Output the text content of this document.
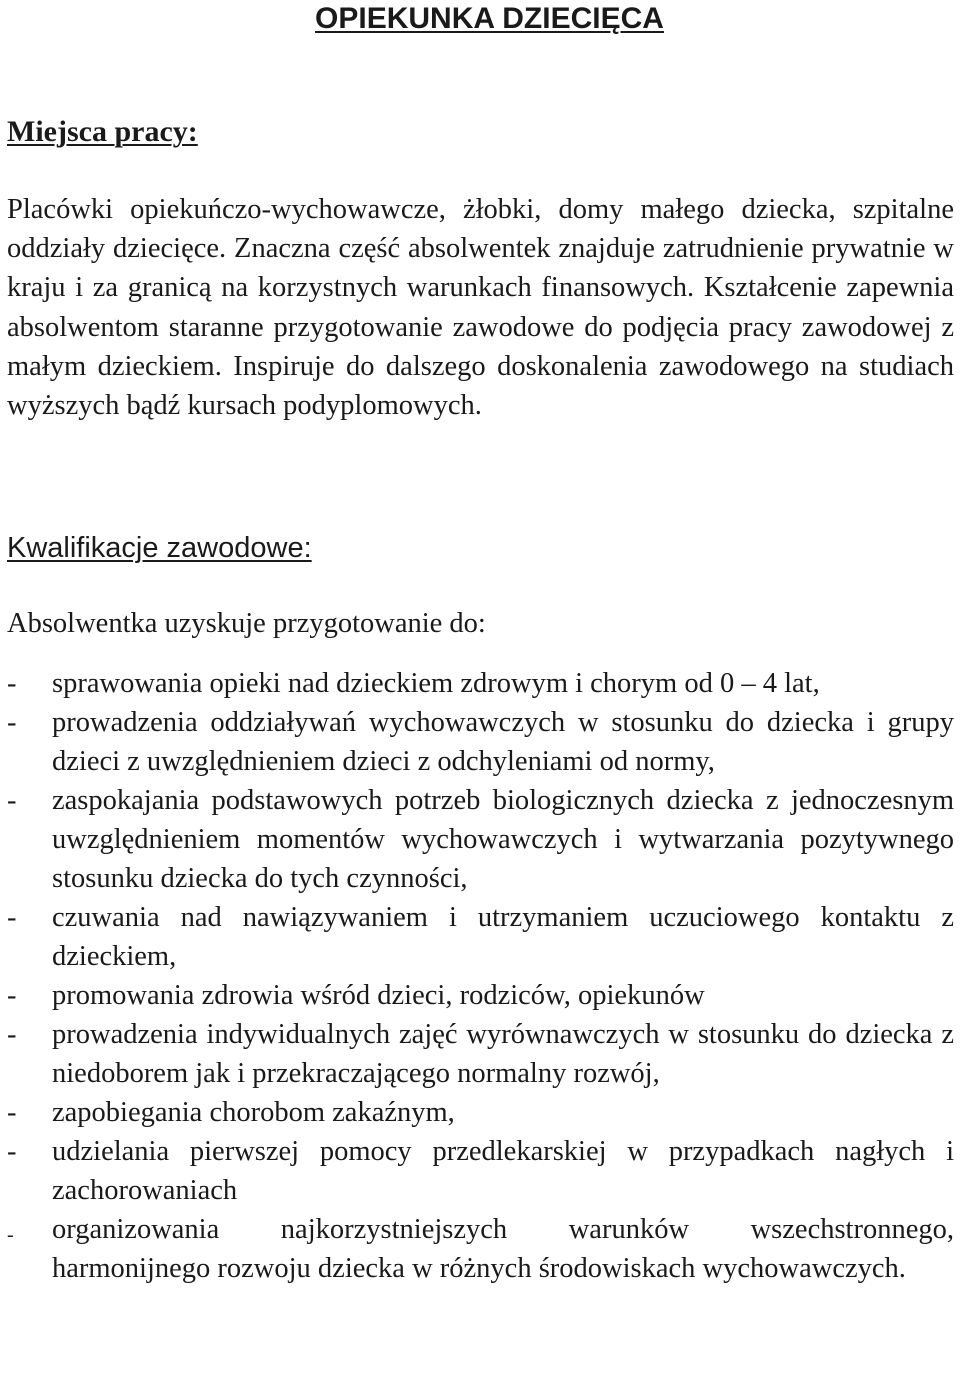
OPIEKUNKA DZIECIĘCA
Miejsca pracy:

Placówki opiekuńczo-wychowawcze, żłobki, domy małego dziecka, szpitalne oddziały dziecięce. Znaczna część absolwentek znajduje zatrudnienie prywatnie w kraju i za granicą na korzystnych warunkach finansowych. Kształcenie zapewnia absolwentom staranne przygotowanie zawodowe do podjęcia pracy zawodowej z małym dzieckiem. Inspiruje do dalszego doskonalenia zawodowego na studiach wyższych bądź kursach podyplomowych.

Kwalifikacje zawodowe:

Absolwentka uzyskuje przygotowanie do:

- sprawowania opieki nad dzieckiem zdrowym i chorym od 0 – 4 lat,
- prowadzenia oddziaływań wychowawczych w stosunku do dziecka i grupy dzieci z uwzględnieniem dzieci z odchyleniami od normy,
- zaspokajania podstawowych potrzeb biologicznych dziecka z jednoczesnym uwzględnieniem momentów wychowawczych i wytwarzania pozytywnego stosunku dziecka do tych czynności,
- czuwania nad nawiązywaniem i utrzymaniem uczuciowego kontaktu z dzieckiem,
- promowania zdrowia wśród dzieci, rodziców, opiekunów
- prowadzenia indywidualnych zajęć wyrównawczych w stosunku do dziecka z niedoborem jak i przekraczającego normalny rozwój,
- zapobiegania chorobom zakaźnym,
- udzielania pierwszej pomocy przedlekarskiej w przypadkach nagłych i zachorowaniach
- organizowania najkorzystniejszych warunków wszechstronnego, harmonijnego rozwoju dziecka w różnych środowiskach wychowawczych.
